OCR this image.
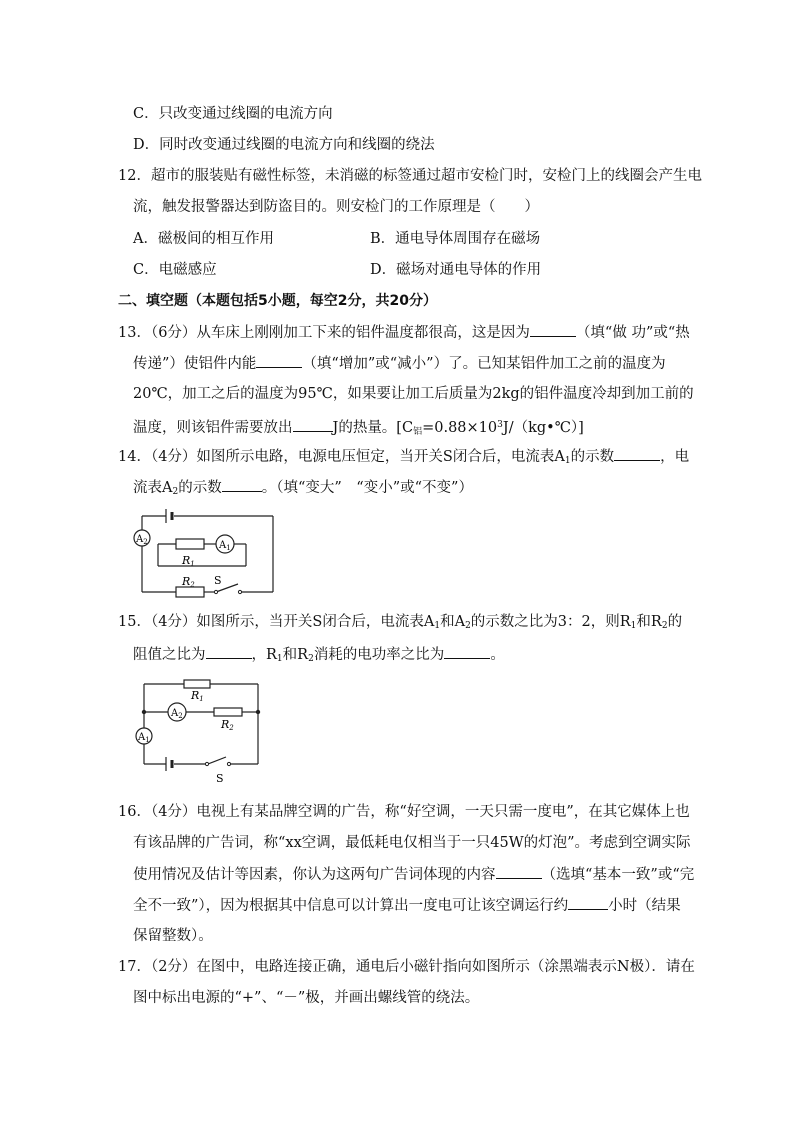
C．只改变通过线圈的电流方向
D．同时改变通过线圈的电流方向和线圈的绕法
12．超市的服装贴有磁性标签，未消磁的标签通过超市安检门时，安检门上的线圈会产生电
流，触发报警器达到防盗目的。则安检门的工作原理是（　　）
A．磁极间的相互作用	B．通电导体周围存在磁场
C．电磁感应	D．磁场对通电导体的作用
二、填空题（本题包括5小题，每空2分，共20分）
13．（6分）从车床上刚刚加工下来的铝件温度都很高，这是因为	（填“做 功”或“热
传递”）使铝件内能	（填“增加”或“减小”）了。已知某铝件加工之前的温度为
20℃，加工之后的温度为95℃，如果要让加工后质量为2kg的铝件温度冷却到加工前的
温度，则该铝件需要放出	J的热量。$[C_铝=0.88\times 10^3J/(kg•℃)]$
14．（4分）如图所示电路，电源电压恒定，当开关S闭合后，电流表$A_1$的示数	，电
流表$A_2$的示数	。（填“变大”　“变小”或“不变”）
$A_2$	$A_1$
R1
R2 S
15．（4分）如图所示，当开关S闭合后，电流表$A_1$和$A_2$的示数之比为3：2，则$R_1$和$R_2$的
阻值之比为	，$R_1$和$R_2$消耗的电功率之比为	。
R1
$A_2$
R2
$A_1$
S
16．（4分）电视上有某品牌空调的广告，称“好空调，一天只需一度电”，在其它媒体上也
有该品牌的广告词，称“xx空调，最低耗电仅相当于一只45W的灯泡”。考虑到空调实际
使用情况及估计等因素，你认为这两句广告词体现的内容	（选填“基本一致”或“完
全不一致”），因为根据其中信息可以计算出一度电可让该空调运行约	小时（结果
保留整数）。
17．（2分）在图中，电路连接正确，通电后小磁针指向如图所示（涂黑端表示N极）．请在
图中标出电源的“+”、“－”极，并画出螺线管的绕法。
